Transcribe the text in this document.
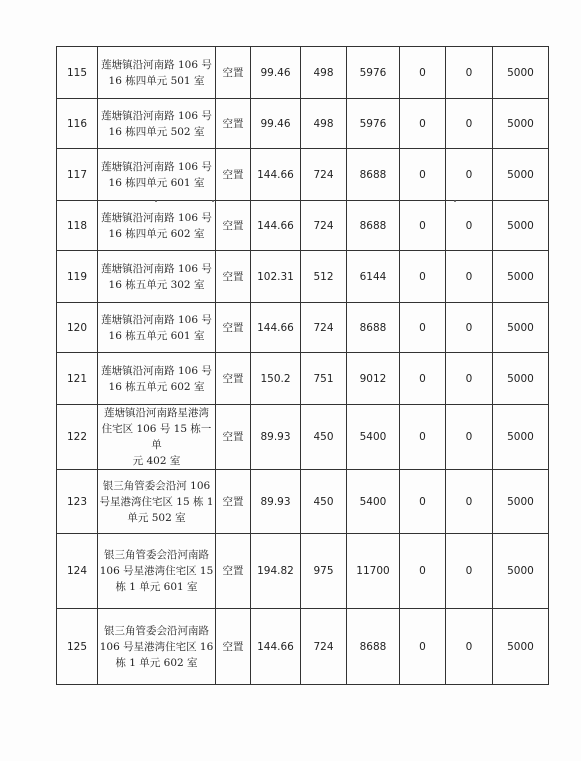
115	莲塘镇沿河南路 106 号
16 栋四单元 501 室	空置	99.46	498	5976	0	0	5000
116	莲塘镇沿河南路 106 号
16 栋四单元 502 室	空置	99.46	498	5976	0	0	5000
117	莲塘镇沿河南路 106 号
16 栋四单元 601 室	空置	144.66	724	8688	0	0	5000
118	莲塘镇沿河南路 106 号
16 栋四单元 602 室	空置	144.66	724	8688	0	0	5000
119	莲塘镇沿河南路 106 号
16 栋五单元 302 室	空置	102.31	512	6144	0	0	5000
120	莲塘镇沿河南路 106 号
16 栋五单元 601 室	空置	144.66	724	8688	0	0	5000
121	莲塘镇沿河南路 106 号
16 栋五单元 602 室	空置	150.2	751	9012	0	0	5000
122	莲塘镇沿河南路星港湾
住宅区 106 号 15 栋一单
元 402 室	空置	89.93	450	5400	0	0	5000
123	银三角管委会沿河 106
号星港湾住宅区 15 栋 1
单元 502 室	空置	89.93	450	5400	0	0	5000
124	银三角管委会沿河南路
106 号星港湾住宅区 15
栋 1 单元 601 室	空置	194.82	975	11700	0	0	5000
125	银三角管委会沿河南路
106 号星港湾住宅区 16
栋 1 单元 602 室	空置	144.66	724	8688	0	0	5000
